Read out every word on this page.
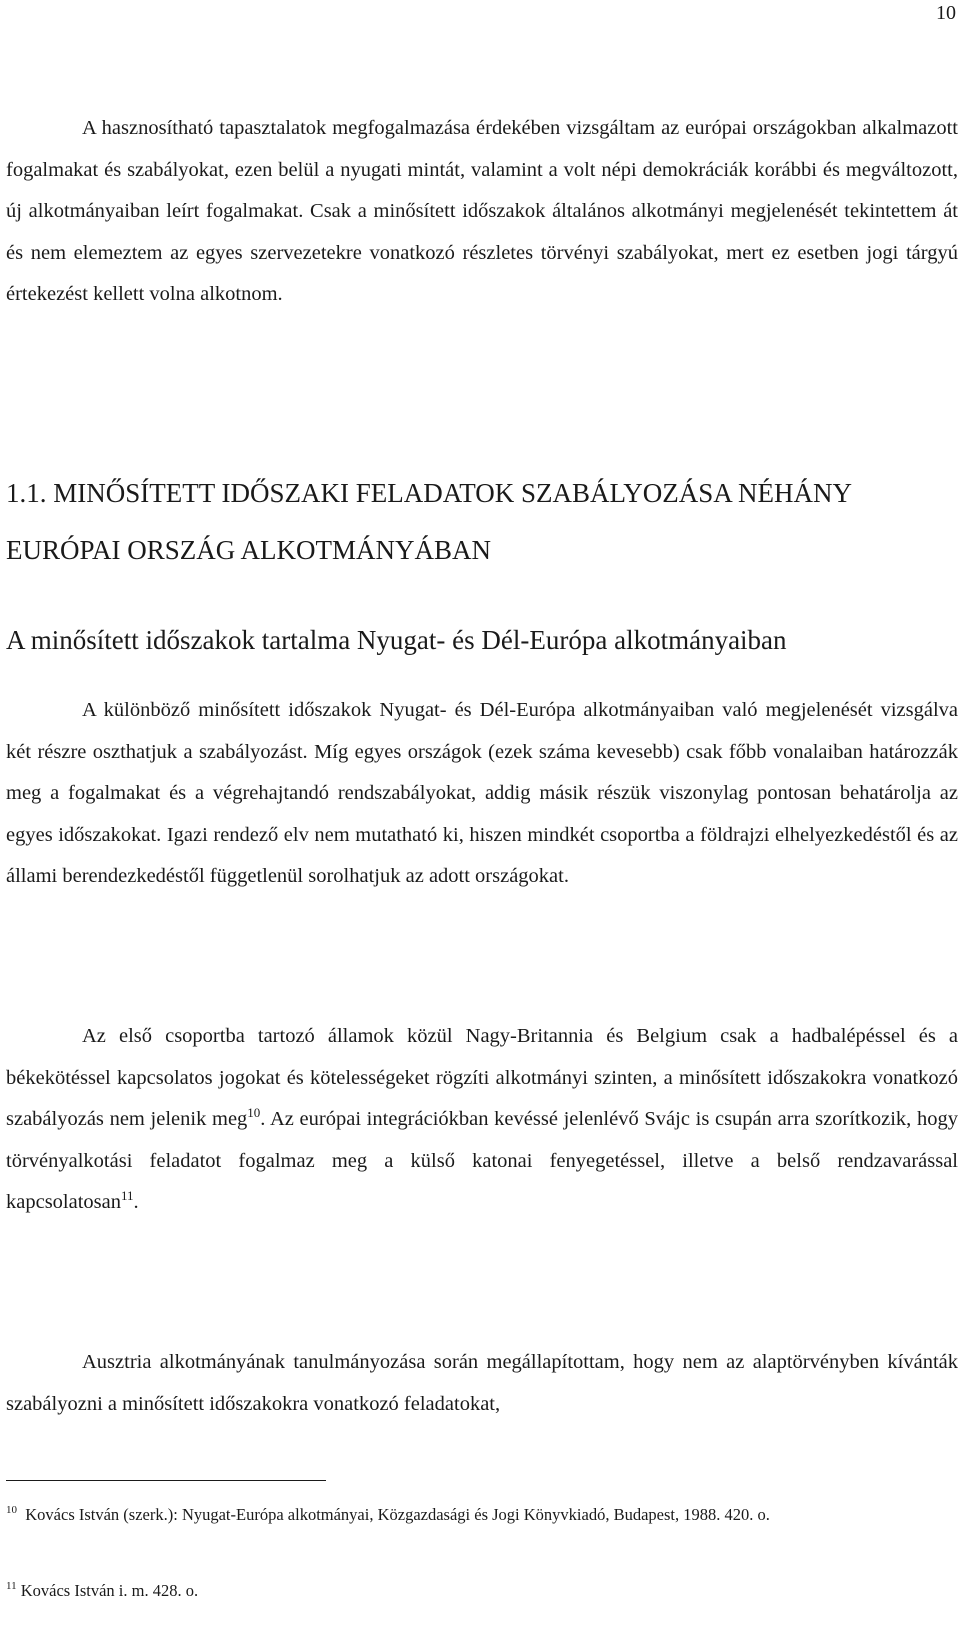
10

A hasznosítható tapasztalatok megfogalmazása érdekében vizsgáltam az európai országokban alkalmazott fogalmakat és szabályokat, ezen belül a nyugati mintát, valamint a volt népi demokráciák korábbi és megváltozott, új alkotmányaiban leírt fogalmakat. Csak a minősített időszakok általános alkotmányi megjelenését tekintettem át és nem elemeztem az egyes szervezetekre vonatkozó részletes törvényi szabályokat, mert ez esetben jogi tárgyú értekezést kellett volna alkotnom.

1.1. MINŐSÍTETT IDŐSZAKI FELADATOK SZABÁLYOZÁSA NÉHÁNY EURÓPAI ORSZÁG ALKOTMÁNYÁBAN
A minősített időszakok tartalma Nyugat- és Dél-Európa alkotmányaiban

A különböző minősített időszakok Nyugat- és Dél-Európa alkotmányaiban való megjelenését vizsgálva két részre oszthatjuk a szabályozást. Míg egyes országok (ezek száma kevesebb) csak főbb vonalaiban határozzák meg a fogalmakat és a végrehajtandó rendszabályokat, addig másik részük viszonylag pontosan behatárolja az egyes időszakokat. Igazi rendező elv nem mutatható ki, hiszen mindkét csoportba a földrajzi elhelyezkedéstől és az állami berendezkedéstől függetlenül sorolhatjuk az adott országokat.

Az első csoportba tartozó államok közül Nagy-Britannia és Belgium csak a hadbalépéssel és a békekötéssel kapcsolatos jogokat és kötelességeket rögzíti alkotmányi szinten, a minősített időszakokra vonatkozó szabályozás nem jelenik meg$^{10}$. Az európai integrációkban kevéssé jelenlévő Svájc is csupán arra szorítkozik, hogy törvényalkotási feladatot fogalmaz meg a külső katonai fenyegetéssel, illetve a belső rendzavarással kapcsolatosan$^{11}$.

Ausztria alkotmányának tanulmányozása során megállapítottam, hogy nem az alaptörvényben kívánták szabályozni a minősített időszakokra vonatkozó feladatokat,

$^{10}$ Kovács István (szerk.): Nyugat-Európa alkotmányai, Közgazdasági és Jogi Könyvkiadó, Budapest, 1988. 420. o.

$^{11}$ Kovács István i. m. 428. o.
